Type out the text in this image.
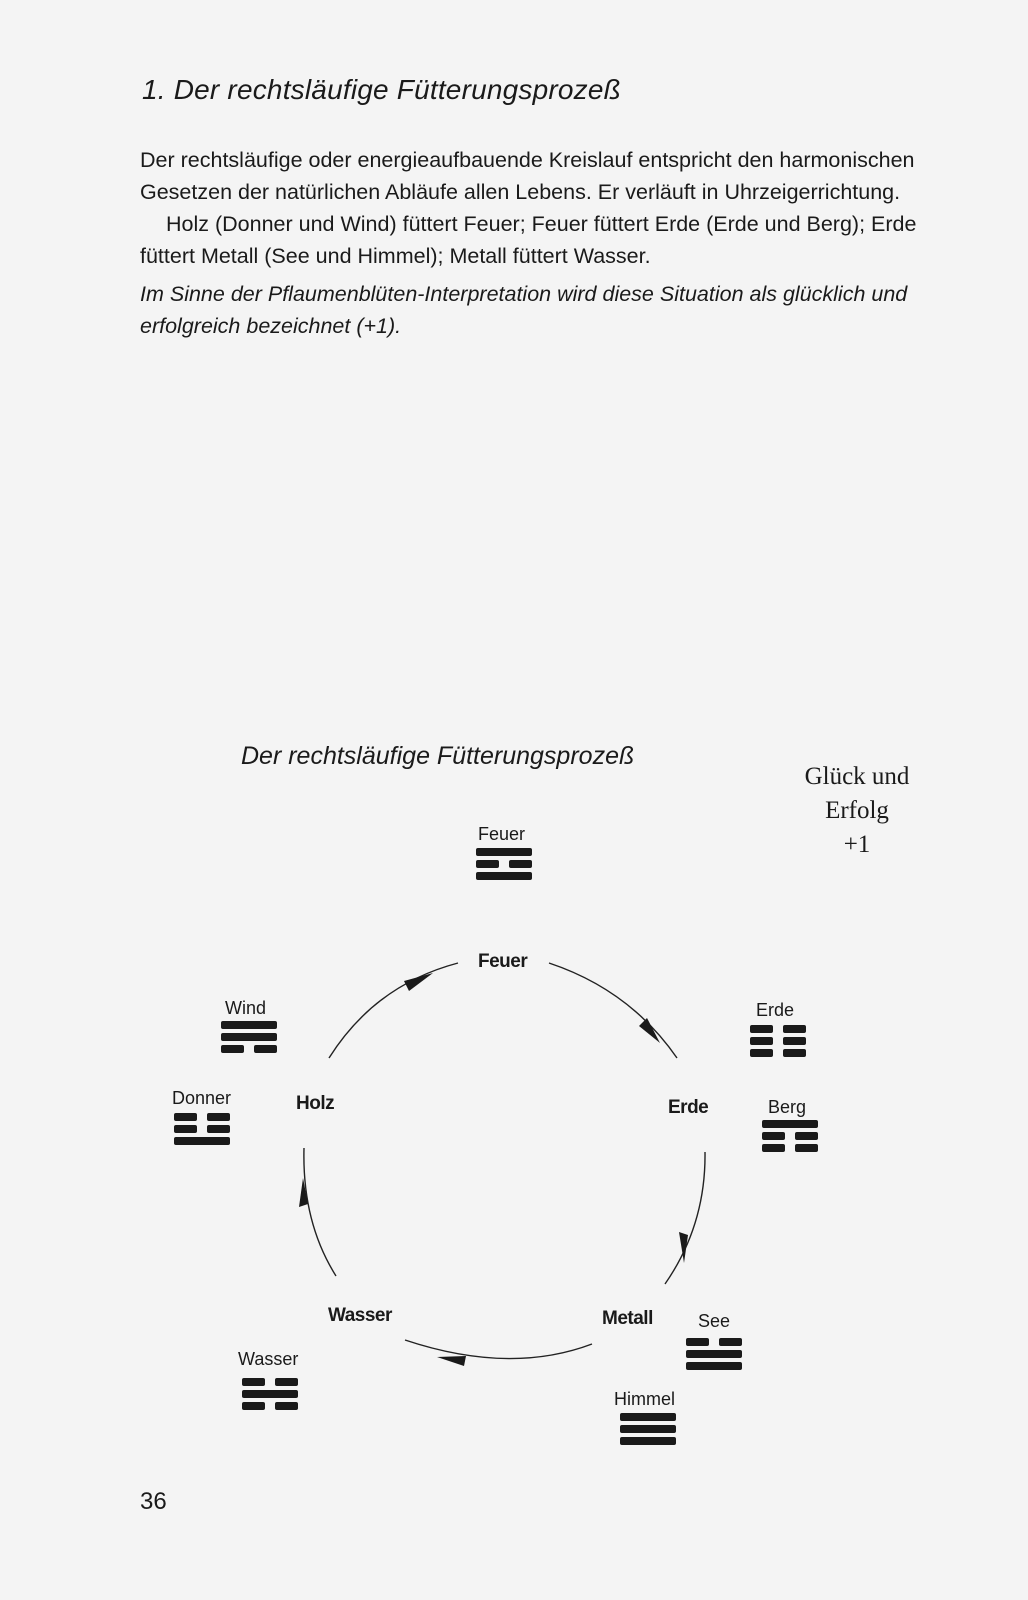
1. Der rechtsläufige Fütterungsprozeß

Der rechtsläufige oder energieaufbauende Kreislauf entspricht den harmonischen Gesetzen der natürlichen Abläufe allen Lebens. Er verläuft in Uhrzeigerrichtung.

Holz (Donner und Wind) füttert Feuer; Feuer füttert Erde (Erde und Berg); Erde füttert Metall (See und Himmel); Metall füttert Wasser.

Im Sinne der Pflaumenblüten-Interpretation wird diese Situation als glücklich und erfolgreich bezeichnet (+1).

Der rechtsläufige Fütterungsprozeß
Glück und
Erfolg
+1
Feuer
Erde
Metall
Wasser
Holz
Feuer
Wind
Donner
Erde
Berg
See
Himmel
Wasser
36
